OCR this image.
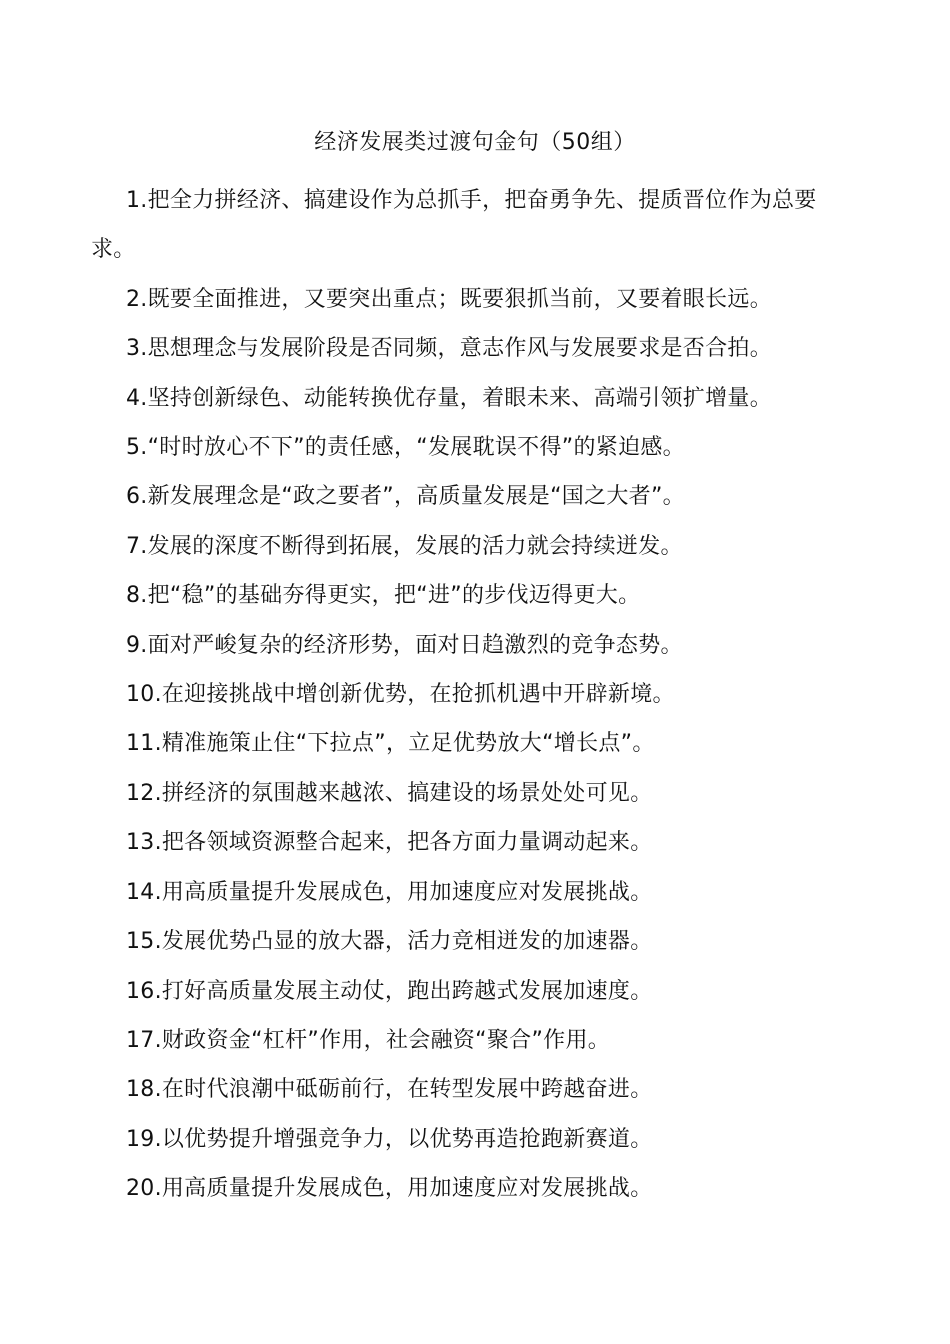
经济发展类过渡句金句（50组）

1.把全力拼经济、搞建设作为总抓手，把奋勇争先、提质晋位作为总要求。

2.既要全面推进，又要突出重点；既要狠抓当前，又要着眼长远。

3.思想理念与发展阶段是否同频，意志作风与发展要求是否合拍。

4.坚持创新绿色、动能转换优存量，着眼未来、高端引领扩增量。

5.“时时放心不下”的责任感，“发展耽误不得”的紧迫感。

6.新发展理念是“政之要者”，高质量发展是“国之大者”。

7.发展的深度不断得到拓展，发展的活力就会持续迸发。

8.把“稳”的基础夯得更实，把“进”的步伐迈得更大。

9.面对严峻复杂的经济形势，面对日趋激烈的竞争态势。

10.在迎接挑战中增创新优势，在抢抓机遇中开辟新境。

11.精准施策止住“下拉点”，立足优势放大“增长点”。

12.拼经济的氛围越来越浓、搞建设的场景处处可见。

13.把各领域资源整合起来，把各方面力量调动起来。

14.用高质量提升发展成色，用加速度应对发展挑战。

15.发展优势凸显的放大器，活力竞相迸发的加速器。

16.打好高质量发展主动仗，跑出跨越式发展加速度。

17.财政资金“杠杆”作用，社会融资“聚合”作用。

18.在时代浪潮中砥砺前行，在转型发展中跨越奋进。

19.以优势提升增强竞争力，以优势再造抢跑新赛道。

20.用高质量提升发展成色，用加速度应对发展挑战。
